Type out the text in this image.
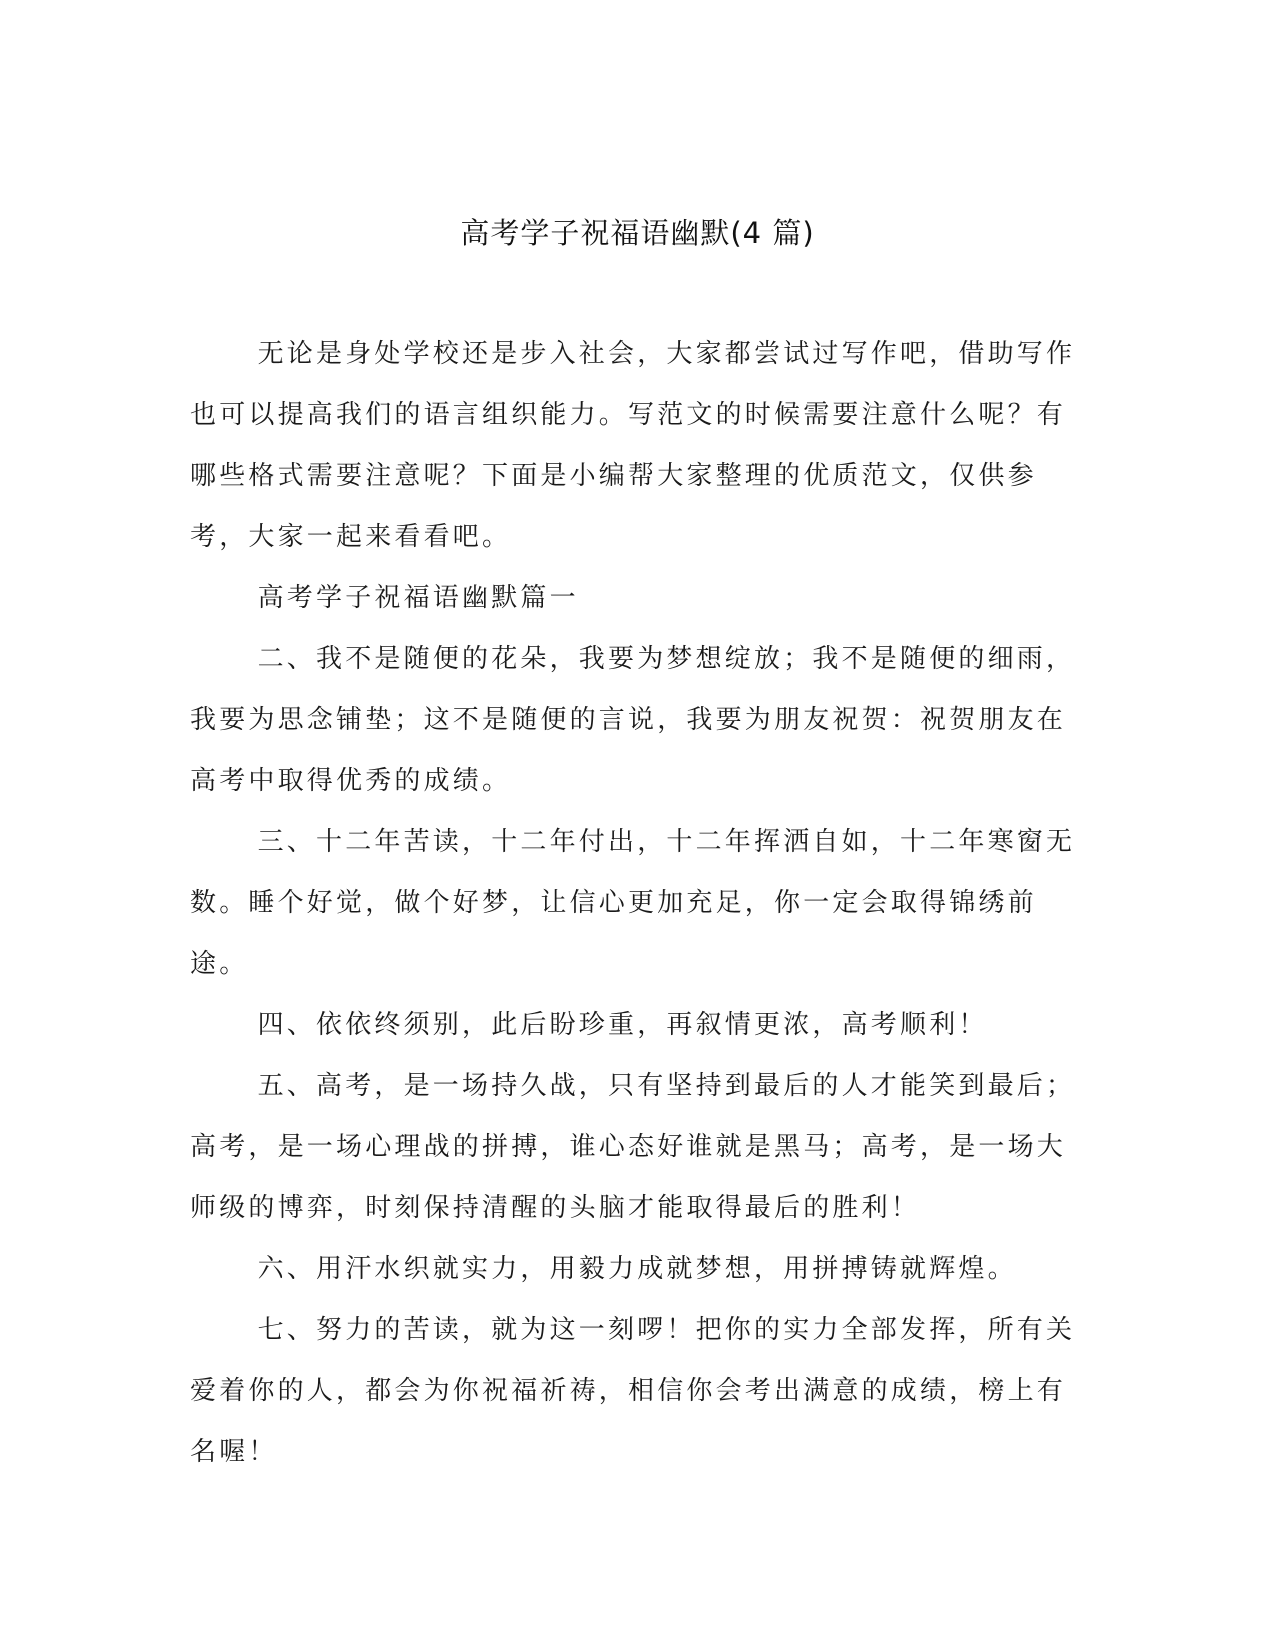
高考学子祝福语幽默(4 篇)

无论是身处学校还是步入社会，大家都尝试过写作吧，借助写作也可以提高我们的语言组织能力。写范文的时候需要注意什么呢？有哪些格式需要注意呢？下面是小编帮大家整理的优质范文，仅供参考，大家一起来看看吧。

高考学子祝福语幽默篇一

二、我不是随便的花朵，我要为梦想绽放；我不是随便的细雨，我要为思念铺垫；这不是随便的言说，我要为朋友祝贺：祝贺朋友在高考中取得优秀的成绩。

三、十二年苦读，十二年付出，十二年挥洒自如，十二年寒窗无数。睡个好觉，做个好梦，让信心更加充足，你一定会取得锦绣前途。

四、依依终须别，此后盼珍重，再叙情更浓，高考顺利！

五、高考，是一场持久战，只有坚持到最后的人才能笑到最后；高考，是一场心理战的拼搏，谁心态好谁就是黑马；高考，是一场大师级的博弈，时刻保持清醒的头脑才能取得最后的胜利！

六、用汗水织就实力，用毅力成就梦想，用拼搏铸就辉煌。

七、努力的苦读，就为这一刻啰！把你的实力全部发挥，所有关爱着你的人，都会为你祝福祈祷，相信你会考出满意的成绩，榜上有名喔！
